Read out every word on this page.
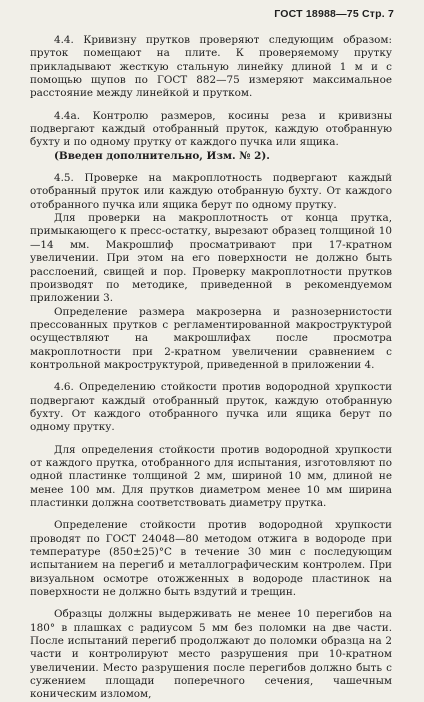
ГОСТ 18988—75 Стр. 7

4.4. Кривизну прутков проверяют следующим образом: пруток помещают на плите. К проверяемому прутку прикладывают жесткую стальную линейку длиной 1 м и с помощью щупов по ГОСТ 882—75 измеряют максимальное расстояние между линейкой и прутком.

4.4а. Контролю размеров, косины реза и кривизны подвергают каждый отобранный пруток, каждую отобранную бухту и по одному прутку от каждого пучка или ящика.

(Введен дополнительно, Изм. № 2).

4.5. Проверке на макроплотность подвергают каждый отобранный пруток или каждую отобранную бухту. От каждого отобранного пучка или ящика берут по одному прутку.

Для проверки на макроплотность от конца прутка, примыкающего к пресс-остатку, вырезают образец толщиной 10—14 мм. Макрошлиф просматривают при 17-кратном увеличении. При этом на его поверхности не должно быть расслоений, свищей и пор. Проверку макроплотности прутков производят по методике, приведенной в рекомендуемом приложении 3.

Определение размера макрозерна и разнозернистости прессованных прутков с регламентированной макроструктурой осуществляют на макрошлифах после просмотра макроплотности при 2-кратном увеличении сравнением с контрольной макроструктурой, приведенной в приложении 4.

4.6. Определению стойкости против водородной хрупкости подвергают каждый отобранный пруток, каждую отобранную бухту. От каждого отобранного пучка или ящика берут по одному прутку.

Для определения стойкости против водородной хрупкости от каждого прутка, отобранного для испытания, изготовляют по одной пластинке толщиной 2 мм, шириной 10 мм, длиной не менее 100 мм. Для прутков диаметром менее 10 мм ширина пластинки должна соответствовать диаметру прутка.

Определение стойкости против водородной хрупкости проводят по ГОСТ 24048—80 методом отжига в водороде при температуре (850±25)°С в течение 30 мин с последующим испытанием на перегиб и металлографическим контролем. При визуальном осмотре отожженных в водороде пластинок на поверхности не должно быть вздутий и трещин.

Образцы должны выдерживать не менее 10 перегибов на 180° в плашках с радиусом 5 мм без поломки на две части. После испытаний перегиб продолжают до поломки образца на 2 части и контролируют место разрушения при 10-кратном увеличении. Место разрушения после перегибов должно быть с сужением площади поперечного сечения, чашечным коническим изломом,
